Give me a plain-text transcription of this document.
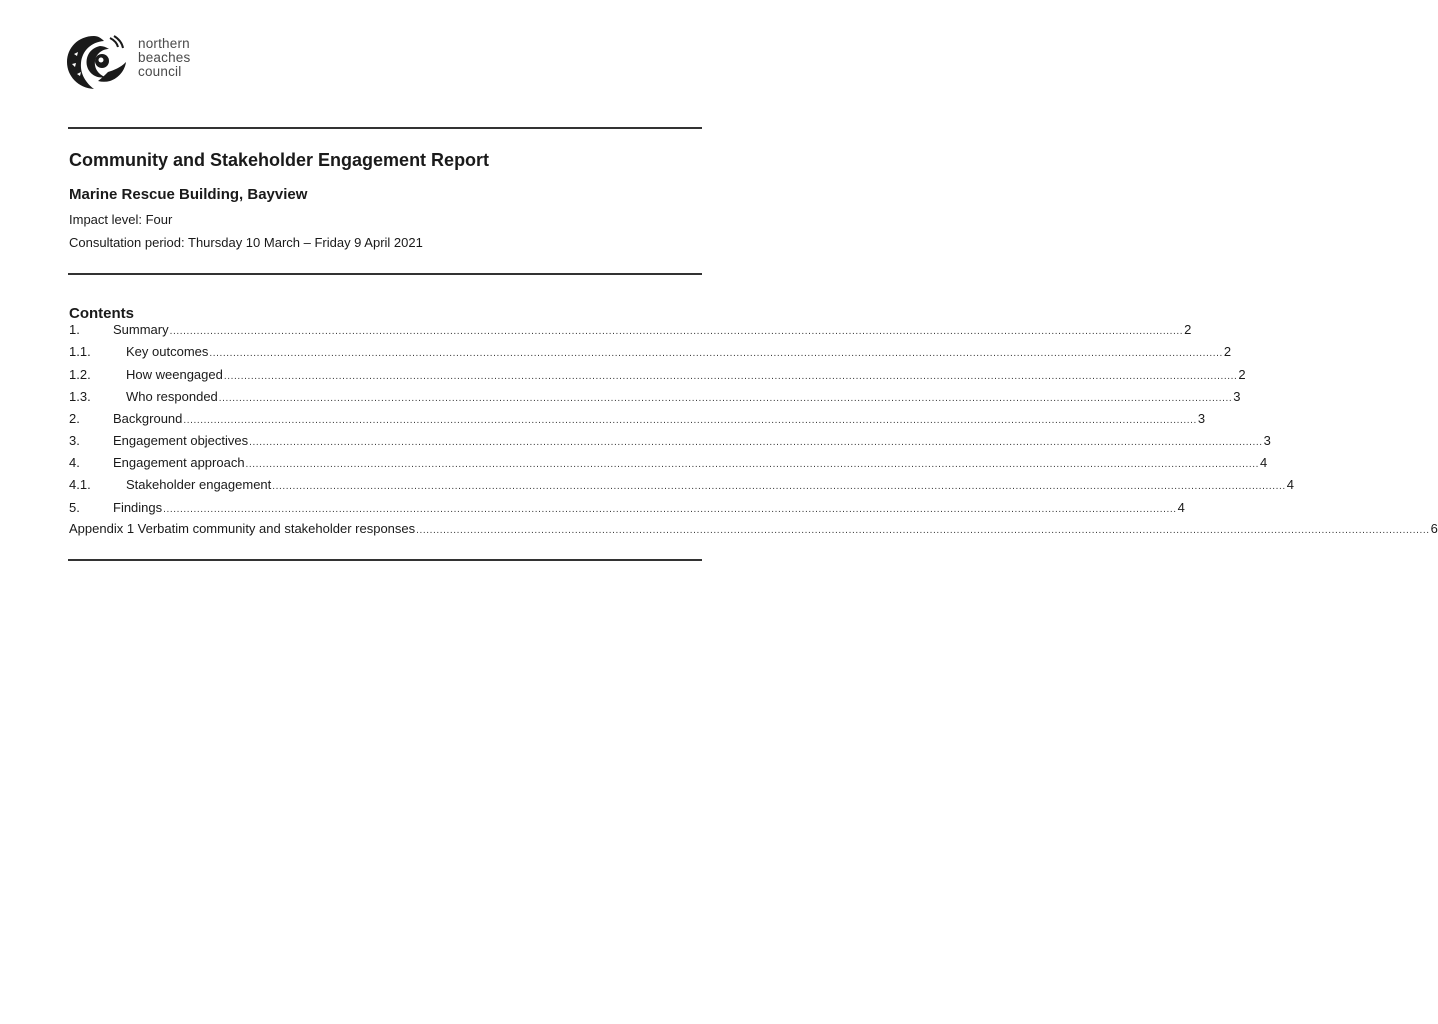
northern
beaches
council
Community and Stakeholder Engagement Report
Marine Rescue Building, Bayview

Impact level: Four

Consultation period: Thursday 10 March – Friday 9 April 2021

Contents
1.	Summary ............................................................................................................................................................................................................................................................................................................ 2
1.1.	Key outcomes ............................................................................................................................................................................................................................................................................................................ 2
1.2.	How weengaged ............................................................................................................................................................................................................................................................................................................ 2
1.3.	Who responded ............................................................................................................................................................................................................................................................................................................ 3
2.	Background ............................................................................................................................................................................................................................................................................................................ 3
3.	Engagement objectives ............................................................................................................................................................................................................................................................................................................ 3
4.	Engagement approach ............................................................................................................................................................................................................................................................................................................ 4
4.1.	Stakeholder engagement ............................................................................................................................................................................................................................................................................................................ 4
5.	Findings ............................................................................................................................................................................................................................................................................................................ 4
Appendix 1 Verbatim community and stakeholder responses ............................................................................................................................................................................................................................................................................................................ 6
